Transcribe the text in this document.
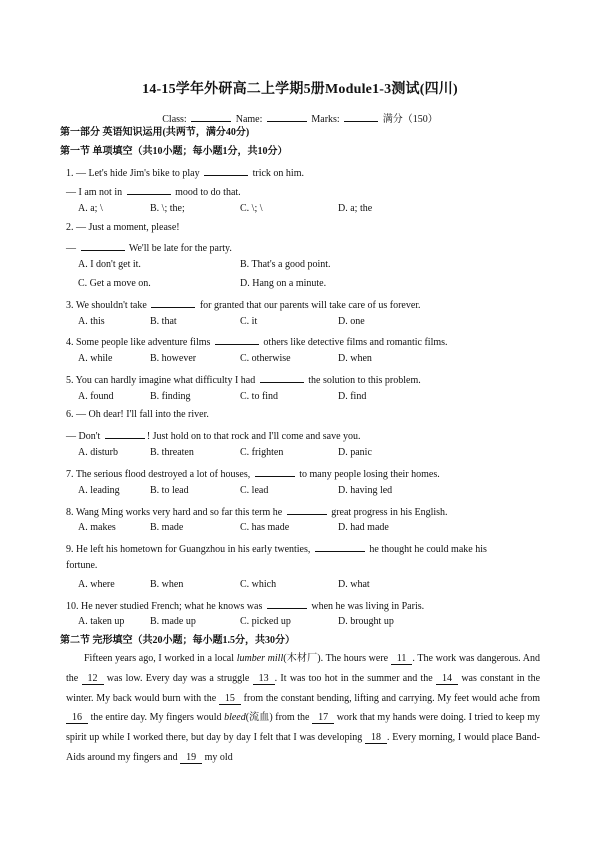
14-15学年外研高二上学期5册Module1-3测试(四川)
Class:	Name:	Marks:	满分（150）
第一部分 英语知识运用(共两节，满分40分)
第一节 单项填空（共10小题；每小题1分，共10分）
1. — Let's hide Jim's bike to play	trick on him.
— I am not in	mood to do that.
A. a; \	B. \; the;	C. \; \	D. a; the
2. — Just a moment, please!
—	We'll be late for the party.
A. I don't get it.	B. That's a good point.
C. Get a move on.	D. Hang on a minute.
3. We shouldn't take	for granted that our parents will take care of us forever.
A. this	B. that	C. it	D. one
4. Some people like adventure films	others like detective films and romantic films.
A. while	B. however	C. otherwise	D. when
5. You can hardly imagine what difficulty I had	the solution to this problem.
A. found	B. finding	C. to find	D. find
6. — Oh dear! I'll fall into the river.
— Don't	! Just hold on to that rock and I'll come and save you.
A. disturb	B. threaten	C. frighten	D. panic
7. The serious flood destroyed a lot of houses,	to many people losing their homes.
A. leading	B. to lead	C. lead	D. having led
8. Wang Ming works very hard and so far this term he	great progress in his English.
A. makes	B. made	C. has made	D. had made
9. He left his hometown for Guangzhou in his early twenties,	he thought he could make his
fortune.
A. where	B. when	C. which	D. what
10. He never studied French; what he knows was	when he was living in Paris.
A. taken up	B. made up	C. picked up	D. brought up
第二节 完形填空（共20小题；每小题1.5分，共30分）
Fifteen years ago, I worked in a local lumber mill(木材厂). The hours were 11 . The work was dangerous. And the 12 was low. Every day was a struggle 13 . It was too hot in the summer and the 14 was constant in the winter. My back would burn with the 15 from the constant bending, lifting and carrying. My feet would ache from 16 the entire day. My fingers would bleed(流血) from the 17 work that my hands were doing. I tried to keep my spirit up while I worked there, but day by day I felt that I was developing 18 . Every morning, I would place Band-Aids around my fingers and 19 my old
